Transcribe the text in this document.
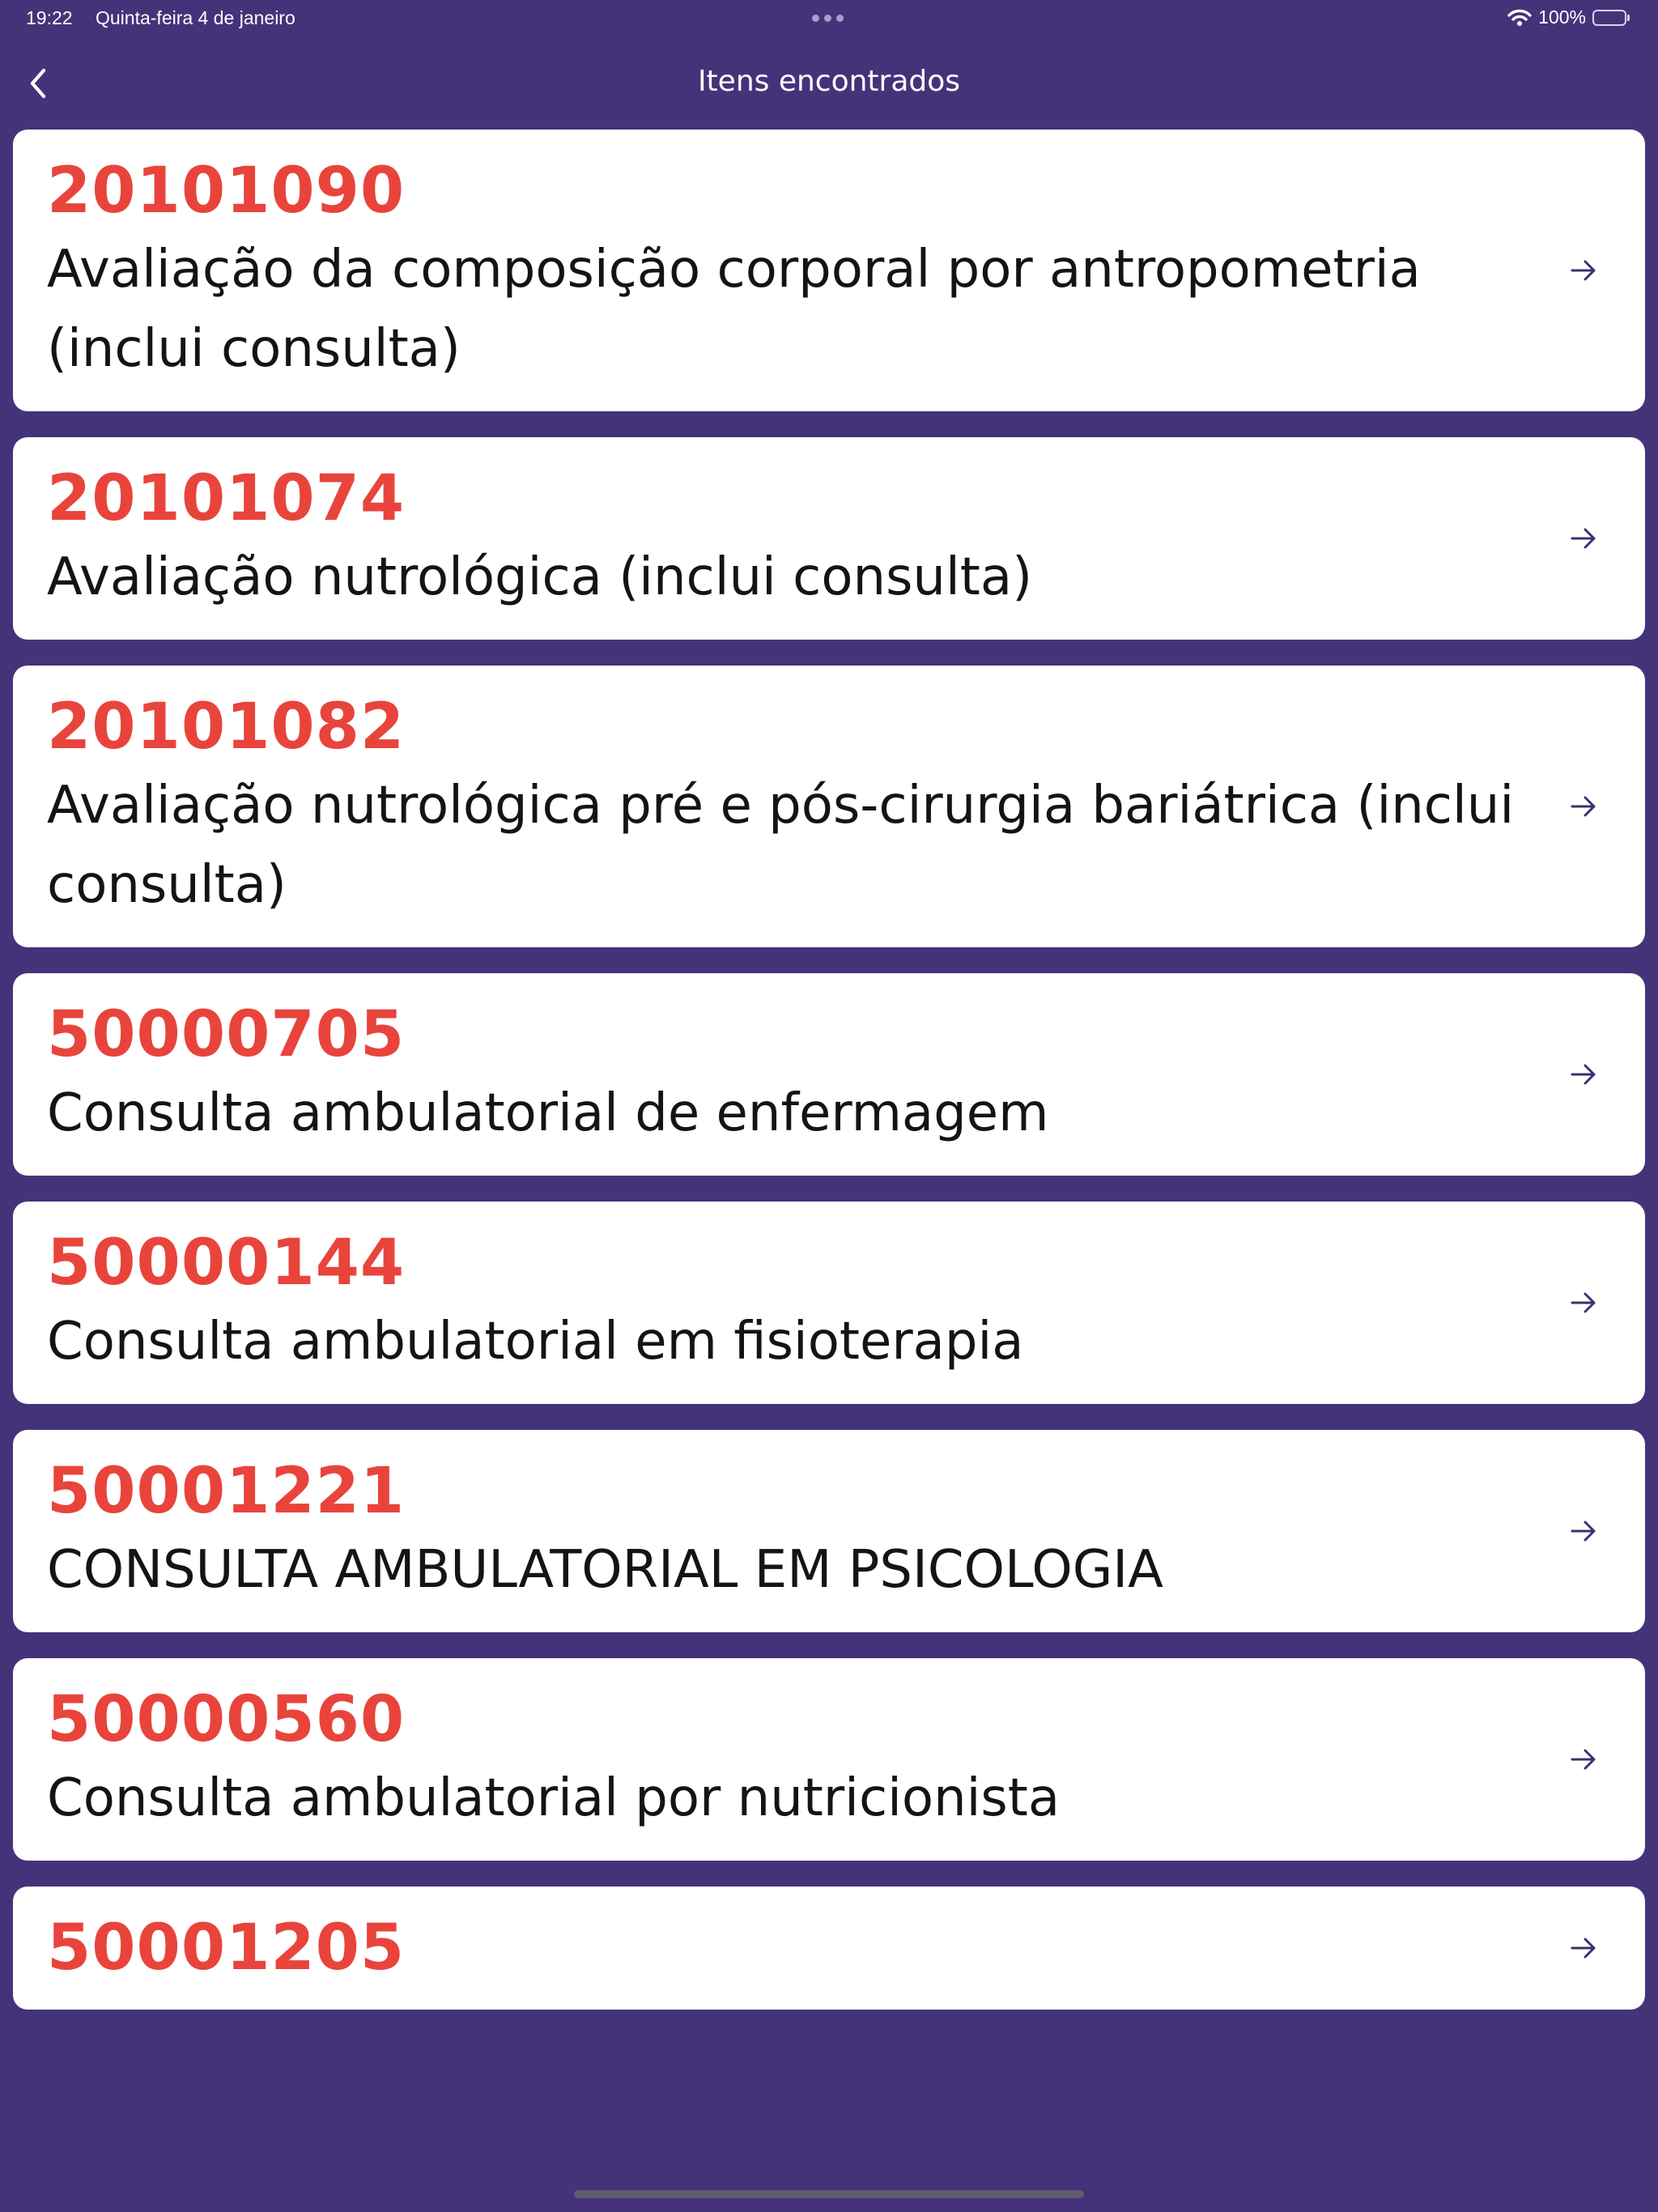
19:22 Quinta-feira 4 de janeiro	100%
Itens encontrados
20101090
Avaliação da composição corporal por antropometria (inclui consulta)
20101074
Avaliação nutrológica (inclui consulta)
20101082
Avaliação nutrológica pré e pós-cirurgia bariátrica (inclui consulta)
50000705
Consulta ambulatorial de enfermagem
50000144
Consulta ambulatorial em fisioterapia
50001221
CONSULTA AMBULATORIAL EM PSICOLOGIA
50000560
Consulta ambulatorial por nutricionista
50001205
